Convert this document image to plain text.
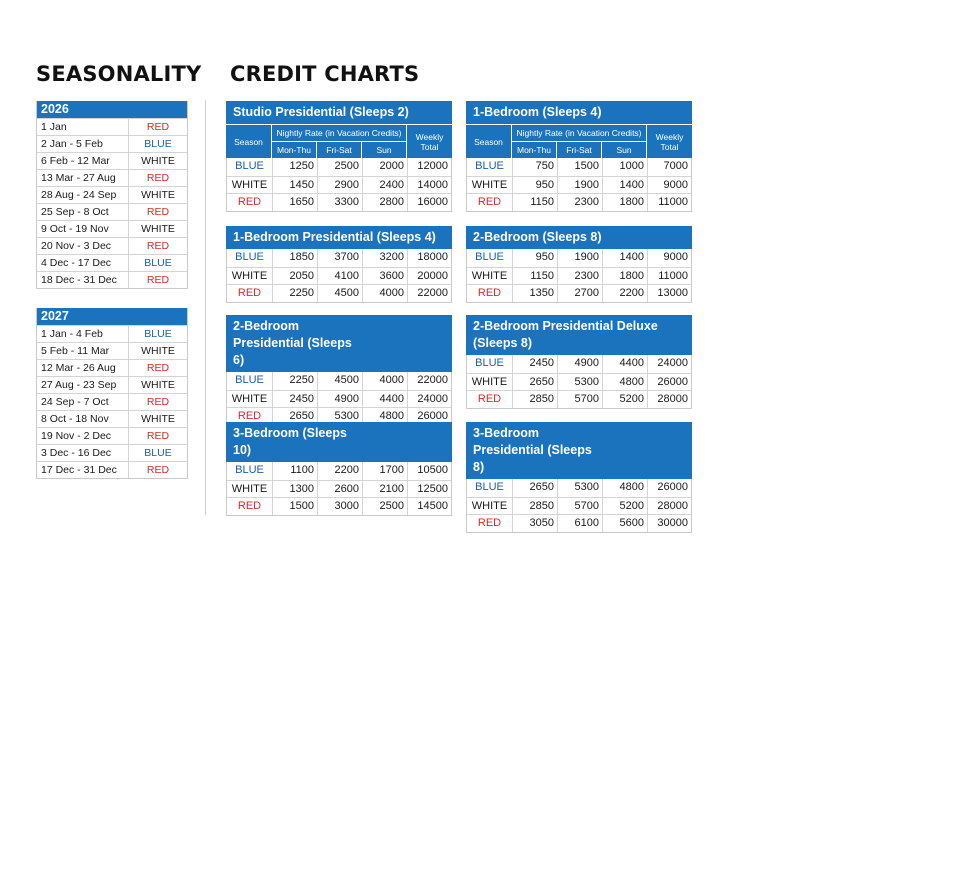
SEASONALITY CREDIT CHARTS
2026
1 Jan	RED
2 Jan - 5 Feb	BLUE
6 Feb - 12 Mar	WHITE
13 Mar - 27 Aug	RED
28 Aug - 24 Sep	WHITE
25 Sep - 8 Oct	RED
9 Oct - 19 Nov	WHITE
20 Nov - 3 Dec	RED
4 Dec - 17 Dec	BLUE
18 Dec - 31 Dec	RED
2027
1 Jan - 4 Feb	BLUE
5 Feb - 11 Mar	WHITE
12 Mar - 26 Aug	RED
27 Aug - 23 Sep	WHITE
24 Sep - 7 Oct	RED
8 Oct - 18 Nov	WHITE
19 Nov - 2 Dec	RED
3 Dec - 16 Dec	BLUE
17 Dec - 31 Dec	RED
Studio Presidential (Sleeps 2)
Season
Nightly Rate (in Vacation Credits)
Mon-Thu	Fri-Sat	Sun
Weekly Total
BLUE	1250	2500	2000	12000
WHITE	1450	2900	2400	14000
RED	1650	3300	2800	16000
1-Bedroom (Sleeps 4)
Season
Nightly Rate (in Vacation Credits)
Mon-Thu	Fri-Sat	Sun
Weekly Total
BLUE	750	1500	1000	7000
WHITE	950	1900	1400	9000
RED	1150	2300	1800	11000
1-Bedroom Presidential (Sleeps 4)
BLUE	1850	3700	3200	18000
WHITE	2050	4100	3600	20000
RED	2250	4500	4000	22000
2-Bedroom (Sleeps 8)
BLUE	950	1900	1400	9000
WHITE	1150	2300	1800	11000
RED	1350	2700	2200	13000
2-Bedroom Presidential (Sleeps 6)
BLUE	2250	4500	4000	22000
WHITE	2450	4900	4400	24000
RED	2650	5300	4800	26000
2-Bedroom Presidential Deluxe (Sleeps 8)
BLUE	2450	4900	4400	24000
WHITE	2650	5300	4800	26000
RED	2850	5700	5200	28000
3-Bedroom (Sleeps 10)
BLUE	1100	2200	1700	10500
WHITE	1300	2600	2100	12500
RED	1500	3000	2500	14500
3-Bedroom Presidential (Sleeps 8)
BLUE	2650	5300	4800	26000
WHITE	2850	5700	5200	28000
RED	3050	6100	5600	30000
